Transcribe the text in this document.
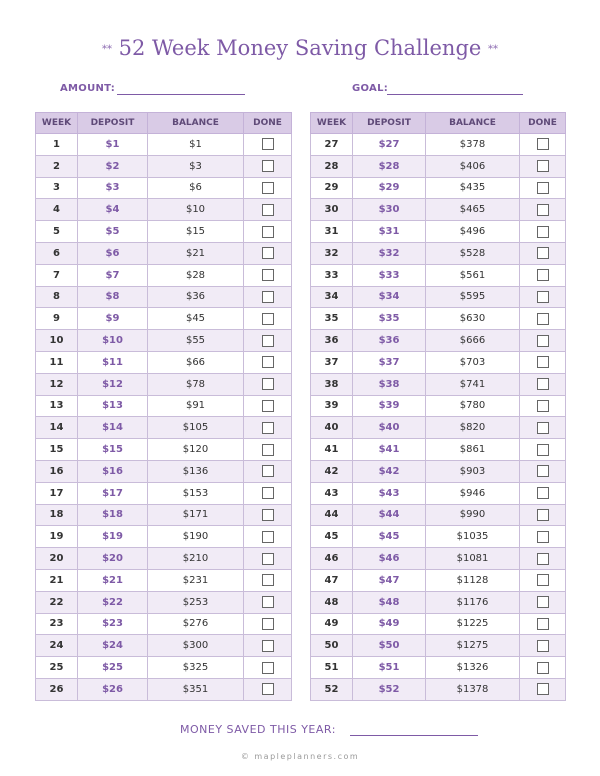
** 52 Week Money Saving Challenge **
AMOUNT:	GOAL:
WEEK	DEPOSIT	BALANCE	DONE
1	$1	$1	
2	$2	$3	
3	$3	$6	
4	$4	$10	
5	$5	$15	
6	$6	$21	
7	$7	$28	
8	$8	$36	
9	$9	$45	
10	$10	$55	
11	$11	$66	
12	$12	$78	
13	$13	$91	
14	$14	$105	
15	$15	$120	
16	$16	$136	
17	$17	$153	
18	$18	$171	
19	$19	$190	
20	$20	$210	
21	$21	$231	
22	$22	$253	
23	$23	$276	
24	$24	$300	
25	$25	$325	
26	$26	$351	
WEEK	DEPOSIT	BALANCE	DONE
27	$27	$378	
28	$28	$406	
29	$29	$435	
30	$30	$465	
31	$31	$496	
32	$32	$528	
33	$33	$561	
34	$34	$595	
35	$35	$630	
36	$36	$666	
37	$37	$703	
38	$38	$741	
39	$39	$780	
40	$40	$820	
41	$41	$861	
42	$42	$903	
43	$43	$946	
44	$44	$990	
45	$45	$1035	
46	$46	$1081	
47	$47	$1128	
48	$48	$1176	
49	$49	$1225	
50	$50	$1275	
51	$51	$1326	
52	$52	$1378	
MONEY SAVED THIS YEAR:
© mapleplanners.com
